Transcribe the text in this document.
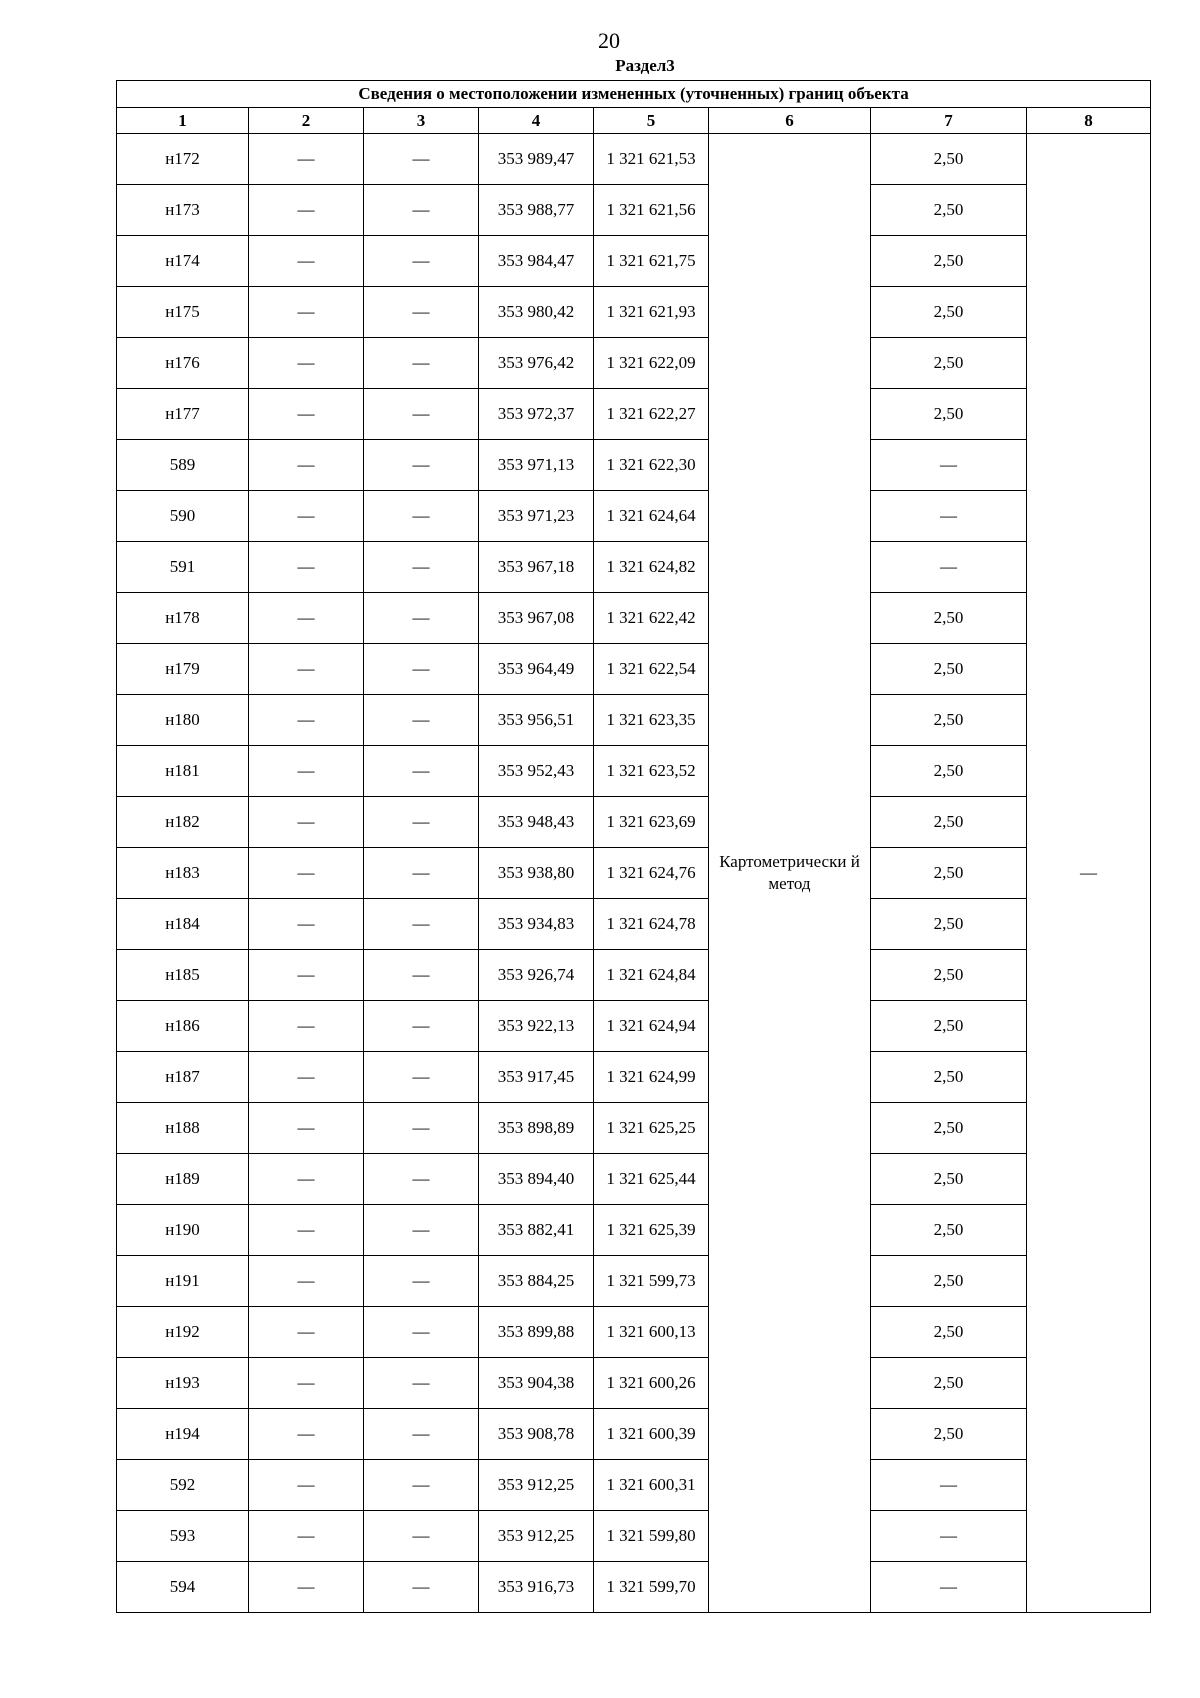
20
Раздел3
Сведения о местоположении измененных (уточненных) границ объекта							
1	2	3	4	5	6	7	8
н172	—	—	353 989,47	1 321 621,53	Картометрически й метод	2,50	—
н173	—	—	353 988,77	1 321 621,56		2,50	
н174	—	—	353 984,47	1 321 621,75		2,50	
н175	—	—	353 980,42	1 321 621,93		2,50	
н176	—	—	353 976,42	1 321 622,09		2,50	
н177	—	—	353 972,37	1 321 622,27		2,50	
589	—	—	353 971,13	1 321 622,30		—	
590	—	—	353 971,23	1 321 624,64		—	
591	—	—	353 967,18	1 321 624,82		—	
н178	—	—	353 967,08	1 321 622,42		2,50	
н179	—	—	353 964,49	1 321 622,54		2,50	
н180	—	—	353 956,51	1 321 623,35		2,50	
н181	—	—	353 952,43	1 321 623,52		2,50	
н182	—	—	353 948,43	1 321 623,69		2,50	
н183	—	—	353 938,80	1 321 624,76		2,50	
н184	—	—	353 934,83	1 321 624,78		2,50	
н185	—	—	353 926,74	1 321 624,84		2,50	
н186	—	—	353 922,13	1 321 624,94		2,50	
н187	—	—	353 917,45	1 321 624,99		2,50	
н188	—	—	353 898,89	1 321 625,25		2,50	
н189	—	—	353 894,40	1 321 625,44		2,50	
н190	—	—	353 882,41	1 321 625,39		2,50	
н191	—	—	353 884,25	1 321 599,73		2,50	
н192	—	—	353 899,88	1 321 600,13		2,50	
н193	—	—	353 904,38	1 321 600,26		2,50	
н194	—	—	353 908,78	1 321 600,39		2,50	
592	—	—	353 912,25	1 321 600,31		—	
593	—	—	353 912,25	1 321 599,80		—	
594	—	—	353 916,73	1 321 599,70		—	
